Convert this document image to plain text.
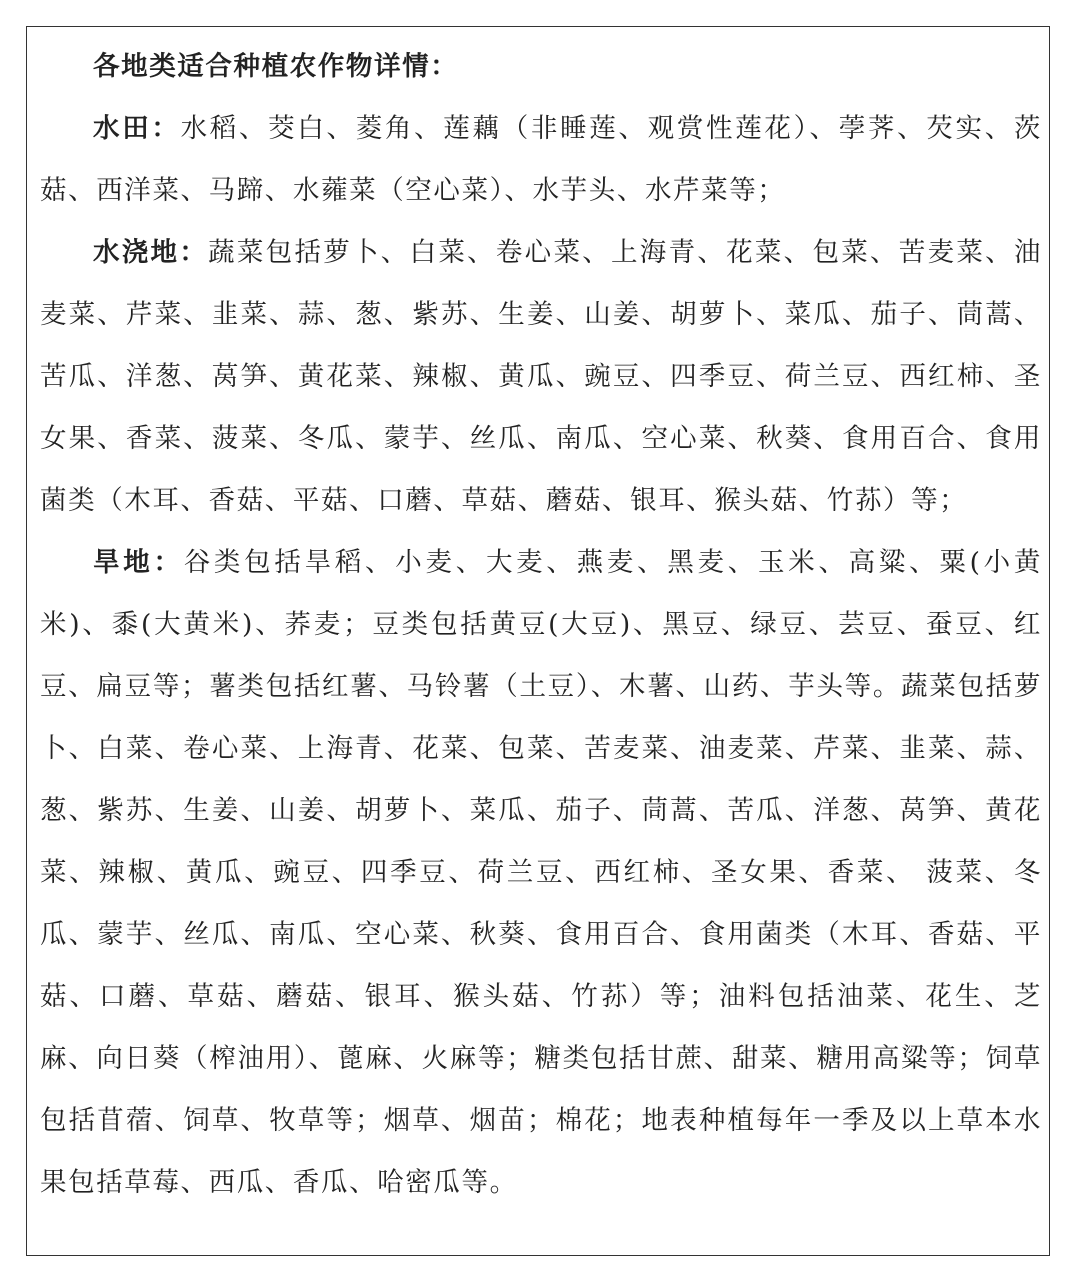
各地类适合种植农作物详情：

水田：水稻、茭白、菱角、莲藕（非睡莲、观赏性莲花）、荸荠、芡实、茨菇、西洋菜、马蹄、水蕹菜（空心菜）、水芋头、水芹菜等；

水浇地：蔬菜包括萝卜、白菜、卷心菜、上海青、花菜、包菜、苦麦菜、油麦菜、芹菜、韭菜、蒜、葱、紫苏、生姜、山姜、胡萝卜、菜瓜、茄子、茼蒿、苦瓜、洋葱、莴笋、黄花菜、辣椒、黄瓜、豌豆、四季豆、荷兰豆、西红柿、圣女果、香菜、菠菜、冬瓜、蒙芋、丝瓜、南瓜、空心菜、秋葵、食用百合、食用菌类（木耳、香菇、平菇、口蘑、草菇、蘑菇、银耳、猴头菇、竹荪）等；

旱地：谷类包括旱稻、小麦、大麦、燕麦、黑麦、玉米、高粱、粟(小黄米)、黍(大黄米)、荞麦；豆类包括黄豆(大豆)、黑豆、绿豆、芸豆、蚕豆、红豆、扁豆等；薯类包括红薯、马铃薯（土豆）、木薯、山药、芋头等。蔬菜包括萝卜、白菜、卷心菜、上海青、花菜、包菜、苦麦菜、油麦菜、芹菜、韭菜、蒜、葱、紫苏、生姜、山姜、胡萝卜、菜瓜、茄子、茼蒿、苦瓜、洋葱、莴笋、黄花菜、辣椒、黄瓜、豌豆、四季豆、荷兰豆、西红柿、圣女果、香菜、 菠菜、冬瓜、蒙芋、丝瓜、南瓜、空心菜、秋葵、食用百合、食用菌类（木耳、香菇、平菇、口蘑、草菇、蘑菇、银耳、猴头菇、竹荪）等；油料包括油菜、花生、芝麻、向日葵（榨油用）、蓖麻、火麻等；糖类包括甘蔗、甜菜、糖用高粱等；饲草包括苜蓿、饲草、牧草等；烟草、烟苗；棉花；地表种植每年一季及以上草本水果包括草莓、西瓜、香瓜、哈密瓜等。
